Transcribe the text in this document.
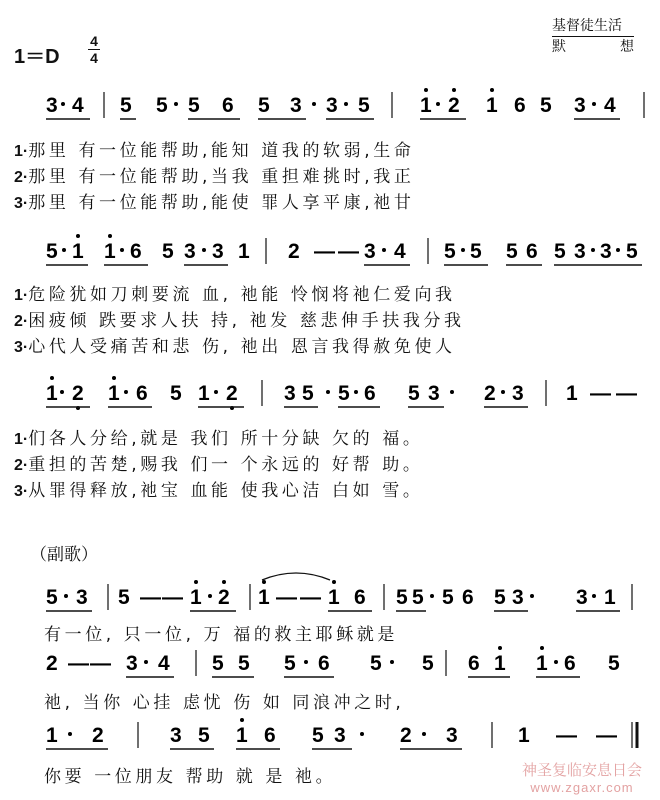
1＝D
4
4
基督徒生活
默 想
3 4 5 5 5 6 5 3 3 5 1 2 1 6 5 3 4
5 1 1 6 5 3 3 1 2 — — 3 4 5 5 5 6 5 3 3 5
1 2 1 6 5 1 2 3 5 5 6 5 3 2 3 1 — —
5 3 5 — — 1 2 1 — — 1 6 5 5 5 6 5 3 3 1
2 — — 3 4 5 5 5 6 5 5 6 1 1 6 5
1 2	3 5 1 6 5 3	2 3	1 — —
1·那里 有一位能帮助,能知 道我的软弱,生命
2·那里 有一位能帮助,当我 重担难挑时,我正
3·那里 有一位能帮助,能使 罪人享平康,祂甘
1·危险犹如刀刺要流 血, 祂能 怜悯将祂仁爱向我
2·困疲倾 跌要求人扶 持, 祂发 慈悲伸手扶我分我
3·心代人受痛苦和悲 伤, 祂出 恩言我得赦免使人
1·们各人分给,就是 我们 所十分缺 欠的 福。
2·重担的苦楚,赐我 们一 个永远的 好帮 助。
3·从罪得释放,祂宝 血能 使我心洁 白如 雪。
（副歌）
有一位, 只一位, 万 福的救主耶稣就是
祂, 当你 心挂 虑忧 伤 如 同浪冲之时,
你要 一位朋友 帮助 就 是 祂。	神圣复临安息日会
www.zgaxr.com
